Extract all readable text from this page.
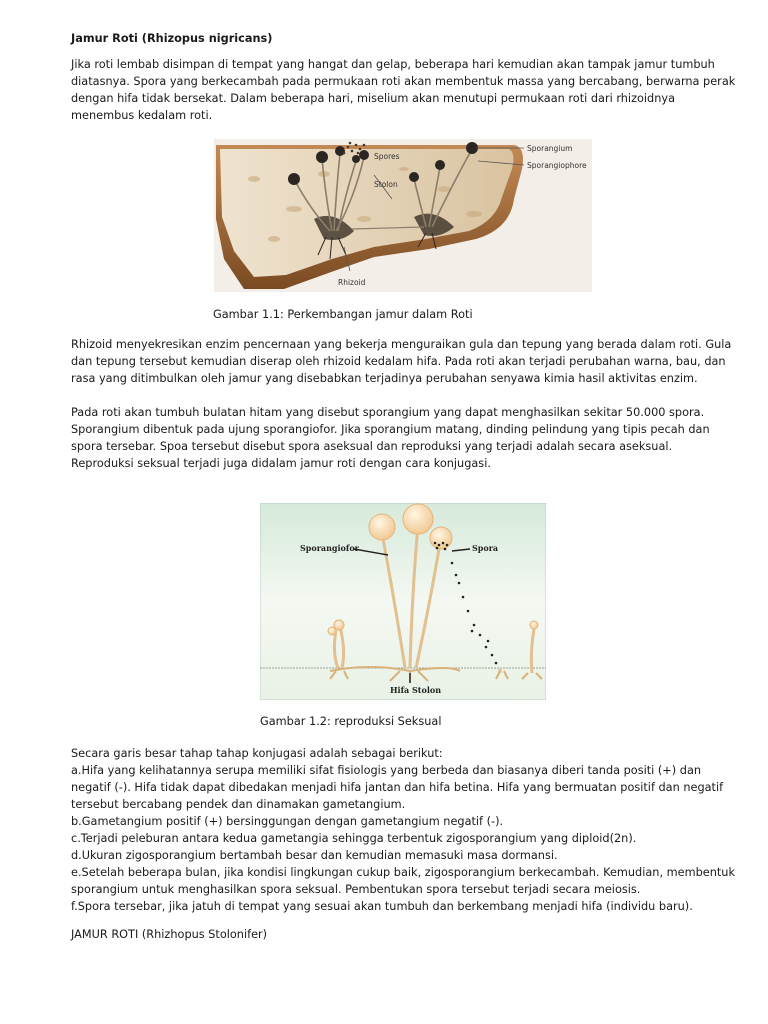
Jamur Roti (Rhizopus nigricans)

Jika roti lembab disimpan di tempat yang hangat dan gelap, beberapa hari kemudian akan tampak jamur tumbuh diatasnya. Spora yang berkecambah pada permukaan roti akan membentuk massa yang bercabang, berwarna perak dengan hifa tidak bersekat. Dalam beberapa hari, miselium akan menutupi permukaan roti dari rhizoidnya menembus kedalam roti.

Sporangium
Sporangiophore
Spores
Stolon
Rhizoid

Gambar 1.1: Perkembangan jamur dalam Roti

Rhizoid menyekresikan enzim pencernaan yang bekerja menguraikan gula dan tepung yang berada dalam roti. Gula dan tepung tersebut kemudian diserap oleh rhizoid kedalam hifa. Pada roti akan terjadi perubahan warna, bau, dan rasa yang ditimbulkan oleh jamur yang disebabkan terjadinya perubahan senyawa kimia hasil aktivitas enzim.

Pada roti akan tumbuh bulatan hitam yang disebut sporangium yang dapat menghasilkan sekitar 50.000 spora. Sporangium dibentuk pada ujung sporangiofor. Jika sporangium matang, dinding pelindung yang tipis pecah dan spora tersebar. Spoa tersebut disebut spora aseksual dan reproduksi yang terjadi adalah secara aseksual. Reproduksi seksual terjadi juga didalam jamur roti dengan cara konjugasi.

Sporangiofor	Spora
Hifa Stolon

Gambar 1.2: reproduksi Seksual

Secara garis besar tahap tahap konjugasi adalah sebagai berikut:

a.Hifa yang kelihatannya serupa memiliki sifat fisiologis yang berbeda dan biasanya diberi tanda positi (+) dan negatif (-). Hifa tidak dapat dibedakan menjadi hifa jantan dan hifa betina. Hifa yang bermuatan positif dan negatif tersebut bercabang pendek dan dinamakan gametangium.

b.Gametangium positif (+) bersinggungan dengan gametangium negatif (-).

c.Terjadi peleburan antara kedua gametangia sehingga terbentuk zigosporangium yang diploid(2n).

d.Ukuran zigosporangium bertambah besar dan kemudian memasuki masa dormansi.

e.Setelah beberapa bulan, jika kondisi lingkungan cukup baik, zigosporangium berkecambah. Kemudian, membentuk sporangium untuk menghasilkan spora seksual. Pembentukan spora tersebut terjadi secara meiosis.

f.Spora tersebar, jika jatuh di tempat yang sesuai akan tumbuh dan berkembang menjadi hifa (individu baru).

JAMUR ROTI (Rhizhopus Stolonifer)
